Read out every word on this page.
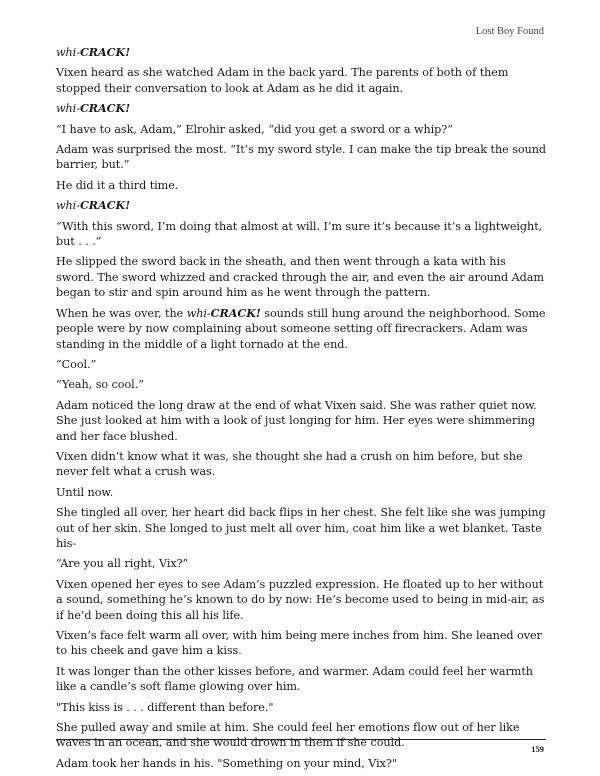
Lost Boy Found

whi-CRACK!

Vixen heard as she watched Adam in the back yard. The parents of both of them stopped their conversation to look at Adam as he did it again.

whi-CRACK!

“I have to ask, Adam,” Elrohir asked, “did you get a sword or a whip?”

Adam was surprised the most. “It’s my sword style. I can make the tip break the sound barrier, but.”

He did it a third time.

whi-CRACK!

“With this sword, I’m doing that almost at will. I’m sure it’s because it’s a lightweight, but . . .”

He slipped the sword back in the sheath, and then went through a kata with his sword. The sword whizzed and cracked through the air, and even the air around Adam began to stir and spin around him as he went through the pattern.

When he was over, the whi-CRACK! sounds still hung around the neighborhood. Some people were by now complaining about someone setting off firecrackers. Adam was standing in the middle of a light tornado at the end.

“Cool.”

“Yeah, so cool.”

Adam noticed the long draw at the end of what Vixen said. She was rather quiet now. She just looked at him with a look of just longing for him. Her eyes were shimmering and her face blushed.

Vixen didn’t know what it was, she thought she had a crush on him before, but she never felt what a crush was.

Until now.

She tingled all over, her heart did back flips in her chest. She felt like she was jumping out of her skin. She longed to just melt all over him, coat him like a wet blanket. Taste his-

“Are you all right, Vix?”

Vixen opened her eyes to see Adam’s puzzled expression. He floated up to her without a sound, something he’s known to do by now: He’s become used to being in mid-air, as if he’d been doing this all his life.

Vixen’s face felt warm all over, with him being mere inches from him. She leaned over to his cheek and gave him a kiss.

It was longer than the other kisses before, and warmer. Adam could feel her warmth like a candle’s soft flame glowing over him.

"This kiss is . . . different than before."

She pulled away and smile at him. She could feel her emotions flow out of her like waves in an ocean, and she would drown in them if she could.

Adam took her hands in his. "Something on your mind, Vix?"

159
